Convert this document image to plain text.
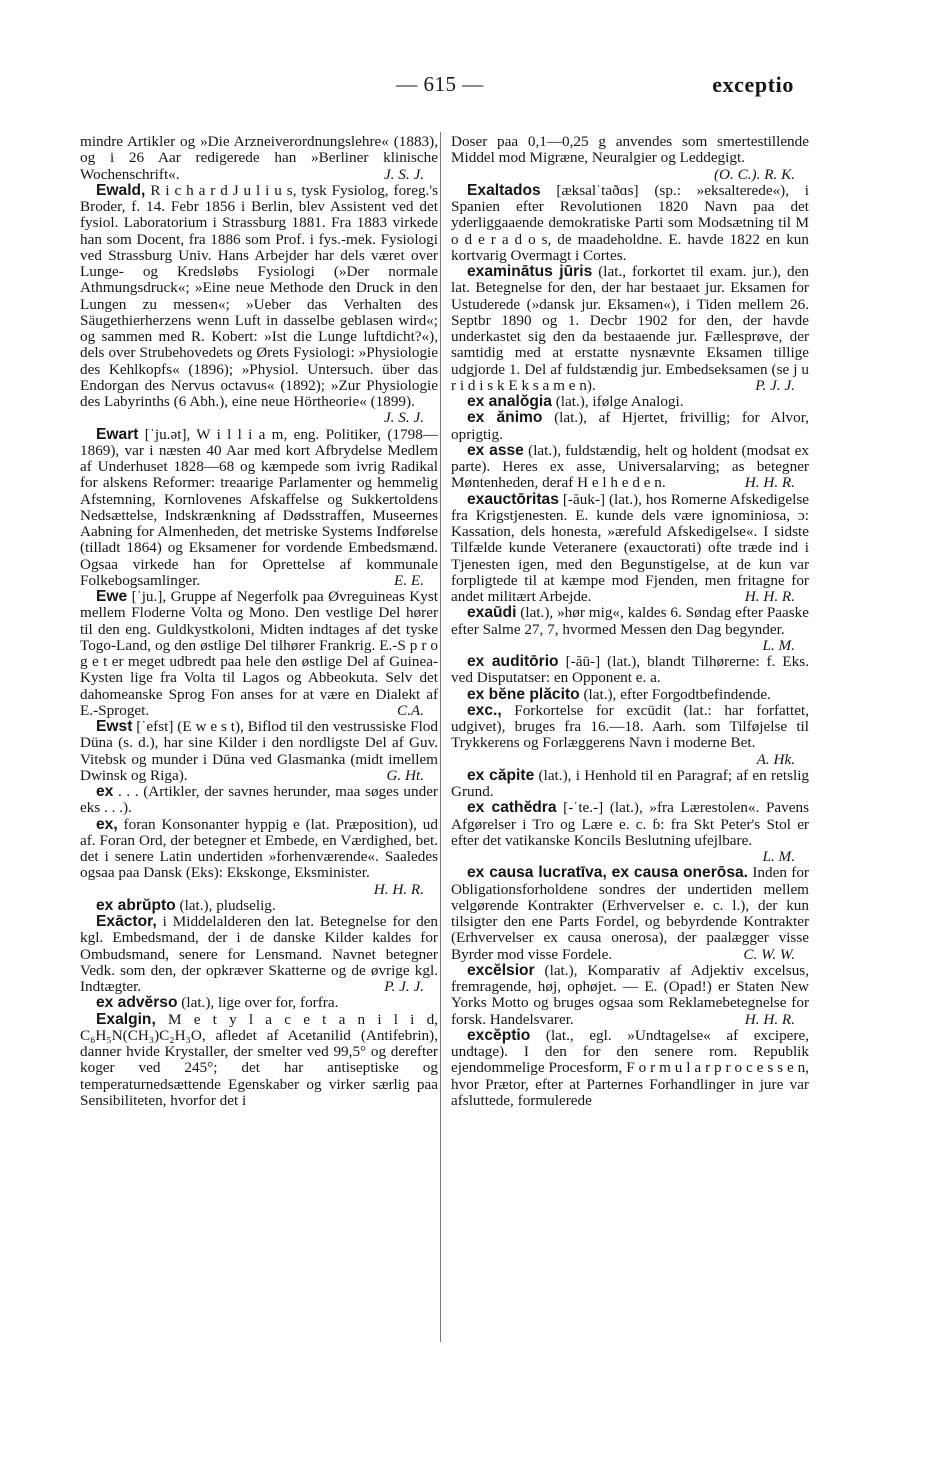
— 615 —	exceptio
mindre Artikler og »Die Arzneiverordnungslehre« (1883), og i 26 Aar redigerede han »Berliner klinische Wochenschrift«.	J. S. J.
Ewald, R i c h a r d J u l i u s, tysk Fysiolog, foreg.'s Broder, f. 14. Febr 1856 i Berlin, blev Assistent ved det fysiol. Laboratorium i Strassburg 1881. Fra 1883 virkede han som Docent, fra 1886 som Prof. i fys.-mek. Fysiologi ved Strassburg Univ. Hans Arbejder har dels været over Lunge- og Kredsløbs Fysiologi (»Der normale Athmungsdruck«; »Eine neue Methode den Druck in den Lungen zu messen«; »Ueber das Verhalten des Säugethierherzens wenn Luft in dasselbe geblasen wird«; og sammen med R. Kobert: »Ist die Lunge luftdicht?«), dels over Strubehovedets og Ørets Fysiologi: »Physiologie des Kehlkopfs« (1896); »Physiol. Untersuch. über das Endorgan des Nervus octavus« (1892); »Zur Physiologie des Labyrinths (6 Abh.), eine neue Hörtheorie« (1899).
J. S. J.
Ewart [ˈju.ət], W i l l i a m, eng. Politiker, (1798—1869), var i næsten 40 Aar med kort Afbrydelse Medlem af Underhuset 1828—68 og kæmpede som ivrig Radikal for alskens Reformer: treaarige Parlamenter og hemmelig Afstemning, Kornlovenes Afskaffelse og Sukkertoldens Nedsættelse, Indskrænkning af Dødsstraffen, Museernes Aabning for Almenheden, det metriske Systems Indførelse (tilladt 1864) og Eksamener for vordende Embedsmænd. Ogsaa virkede han for Oprettelse af kommunale Folkebogsamlinger.	E. E.
Ewe [ˈju.], Gruppe af Negerfolk paa Øvreguineas Kyst mellem Floderne Volta og Mono. Den vestlige Del hører til den eng. Guldkystkoloni, Midten indtages af det tyske Togo-Land, og den østlige Del tilhører Frankrig. E.-S p r o g e t er meget udbredt paa hele den østlige Del af Guinea-Kysten lige fra Volta til Lagos og Abbeokuta. Selv det dahomeanske Sprog Fon anses for at være en Dialekt af E.-Sproget.	C.A.
Ewst [ˈefst] (E w e s t), Biflod til den vestrussiske Flod Düna (s. d.), har sine Kilder i den nordligste Del af Guv. Vitebsk og munder i Düna ved Glasmanka (midt imellem Dwinsk og Riga).	G. Ht.
ex . . . (Artikler, der savnes herunder, maa søges under eks . . .).
ex, foran Konsonanter hyppig e (lat. Præposition), ud af. Foran Ord, der betegner et Embede, en Værdighed, bet. det i senere Latin undertiden »forhenværende«. Saaledes ogsaa paa Dansk (Eks): Ekskonge, Eksminister.
H. H. R.
ex abrŭpto (lat.), pludselig.
Exāctor, i Middelalderen den lat. Betegnelse for den kgl. Embedsmand, der i de danske Kilder kaldes for Ombudsmand, senere for Lensmand. Navnet betegner Vedk. som den, der opkræver Skatterne og de øvrige kgl. Indtægter.	P. J. J.
ex advĕrso (lat.), lige over for, forfra.
Exalgin, M e t y l a c e t a n i l i d, C₆H₅N(CH₃)C₂H₃O, afledet af Acetanilid (Antifebrin), danner hvide Krystaller, der smelter ved 99,5° og derefter koger ved 245°; det har antiseptiske og temperaturnedsættende Egenskaber og virker særlig paa Sensibiliteten, hvorfor det i
Doser paa 0,1—0,25 g anvendes som smertestillende Middel mod Migræne, Neuralgier og Leddegigt.
(O. C.). R. K.
Exaltados [æksalˈtaðɑs] (sp.: »eksalterede«), i Spanien efter Revolutionen 1820 Navn paa det yderliggaaende demokratiske Parti som Modsætning til M o d e r a d o s, de maadeholdne. E. havde 1822 en kun kortvarig Overmagt i Cortes.
examinātus jūris (lat., forkortet til exam. jur.), den lat. Betegnelse for den, der har bestaaet jur. Eksamen for Ustuderede (»dansk jur. Eksamen«), i Tiden mellem 26. Septbr 1890 og 1. Decbr 1902 for den, der havde underkastet sig den da bestaaende jur. Fællesprøve, der samtidig med at erstatte nysnævnte Eksamen tillige udgjorde 1. Del af fuldstændig jur. Embedseksamen (se j u r i d i s k E k s a m e n).	P. J. J.
ex analŏgia (lat.), ifølge Analogi.
ex ănimo (lat.), af Hjertet, frivillig; for Alvor, oprigtig.
ex asse (lat.), fuldstændig, helt og holdent (modsat ex parte). Heres ex asse, Universalarving; as betegner Møntenheden, deraf H e l h e d e n.	H. H. R.
exauctōritas [-ăuk-] (lat.), hos Romerne Afskedigelse fra Krigstjenesten. E. kunde dels være ignominiosa, ɔ: Kassation, dels honesta, »ærefuld Afskedigelse«. I sidste Tilfælde kunde Veteranere (exauctorati) ofte træde ind i Tjenesten igen, med den Begunstigelse, at de kun var forpligtede til at kæmpe mod Fjenden, men fritagne for andet militært Arbejde.	H. H. R.
exaūdi (lat.), »hør mig«, kaldes 6. Søndag efter Paaske efter Salme 27, 7, hvormed Messen den Dag begynder.
L. M.
ex auditōrio [-ăū-] (lat.), blandt Tilhørerne: f. Eks. ved Disputatser: en Opponent e. a.
ex bĕne plăcito (lat.), efter Forgodtbefindende.
exc., Forkortelse for excūdit (lat.: har forfattet, udgivet), bruges fra 16.—18. Aarh. som Tilføjelse til Trykkerens og Forlæggerens Navn i moderne Bet.
A. Hk.
ex căpite (lat.), i Henhold til en Paragraf; af en retslig Grund.
ex cathĕdra [-ˈte.-] (lat.), »fra Lærestolen«. Pavens Afgørelser i Tro og Lære e. c. ɓ: fra Skt Peter's Stol er efter det vatikanske Koncils Beslutning ufejlbare.
L. M.
ex causa lucratīva, ex causa onerōsa. Inden for Obligationsforholdene sondres der undertiden mellem velgørende Kontrakter (Erhvervelser e. c. l.), der kun tilsigter den ene Parts Fordel, og bebyrdende Kontrakter (Erhvervelser ex causa onerosa), der paalægger visse Byrder mod visse Fordele.	C. W. W.
excĕlsior (lat.), Komparativ af Adjektiv excelsus, fremragende, høj, ophøjet. — E. (Opad!) er Staten New Yorks Motto og bruges ogsaa som Reklamebetegnelse for forsk. Handelsvarer.	H. H. R.
excĕptio (lat., egl. »Undtagelse« af excipere, undtage). I den for den senere rom. Republik ejendommelige Procesform, F o r m u l a r p r o c e s s e n, hvor Prætor, efter at Parternes Forhandlinger in jure var afsluttede, formulerede
